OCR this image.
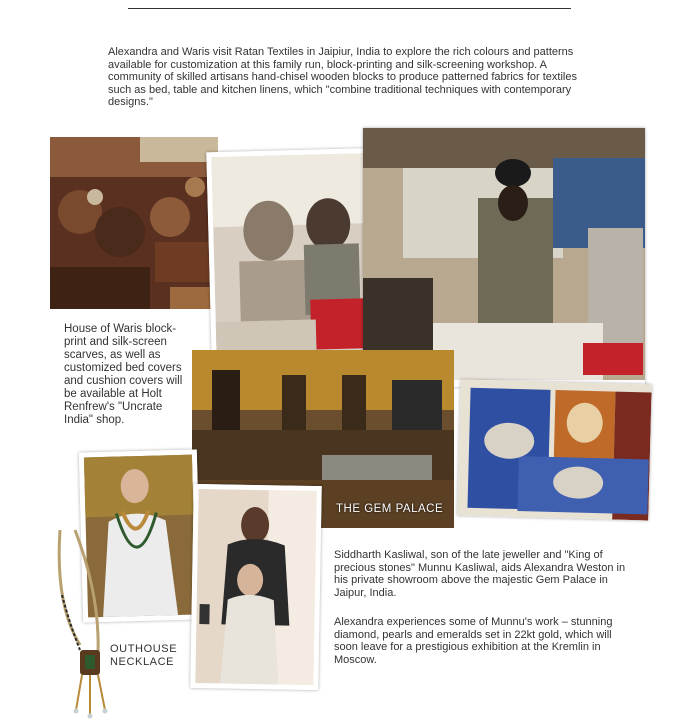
Alexandra and Waris visit Ratan Textiles in Jaipiur, India to explore the rich colours and patterns available for customization at this family run, block-printing and silk-screening workshop. A community of skilled artisans hand-chisel wooden blocks to produce patterned fabrics for textiles such as bed, table and kitchen linens, which "combine traditional techniques with contemporary designs."

House of Waris block-print and silk-screen scarves, as well as customized bed covers and cushion covers will be available at Holt Renfrew's "Uncrate India" shop.

THE GEM PALACE

OUTHOUSE
NECKLACE

Siddharth Kasliwal, son of the late jeweller and "King of precious stones" Munnu Kasliwal, aids Alexandra Weston in his private showroom above the majestic Gem Palace in Jaipur, India.

Alexandra experiences some of Munnu's work – stunning diamond, pearls and emeralds set in 22kt gold, which will soon leave for a prestigious exhibition at the Kremlin in Moscow.
